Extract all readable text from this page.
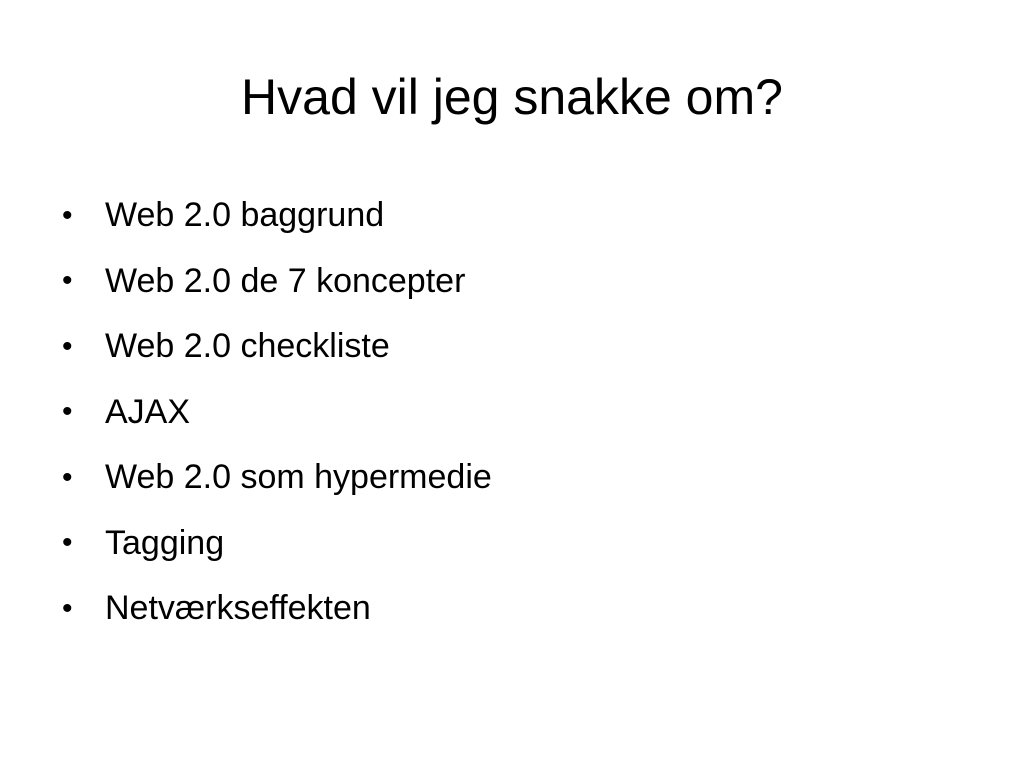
Hvad vil jeg snakke om?
• Web 2.0 baggrund
• Web 2.0 de 7 koncepter
• Web 2.0 checkliste
• AJAX
• Web 2.0 som hypermedie
• Tagging
• Netværkseffekten
